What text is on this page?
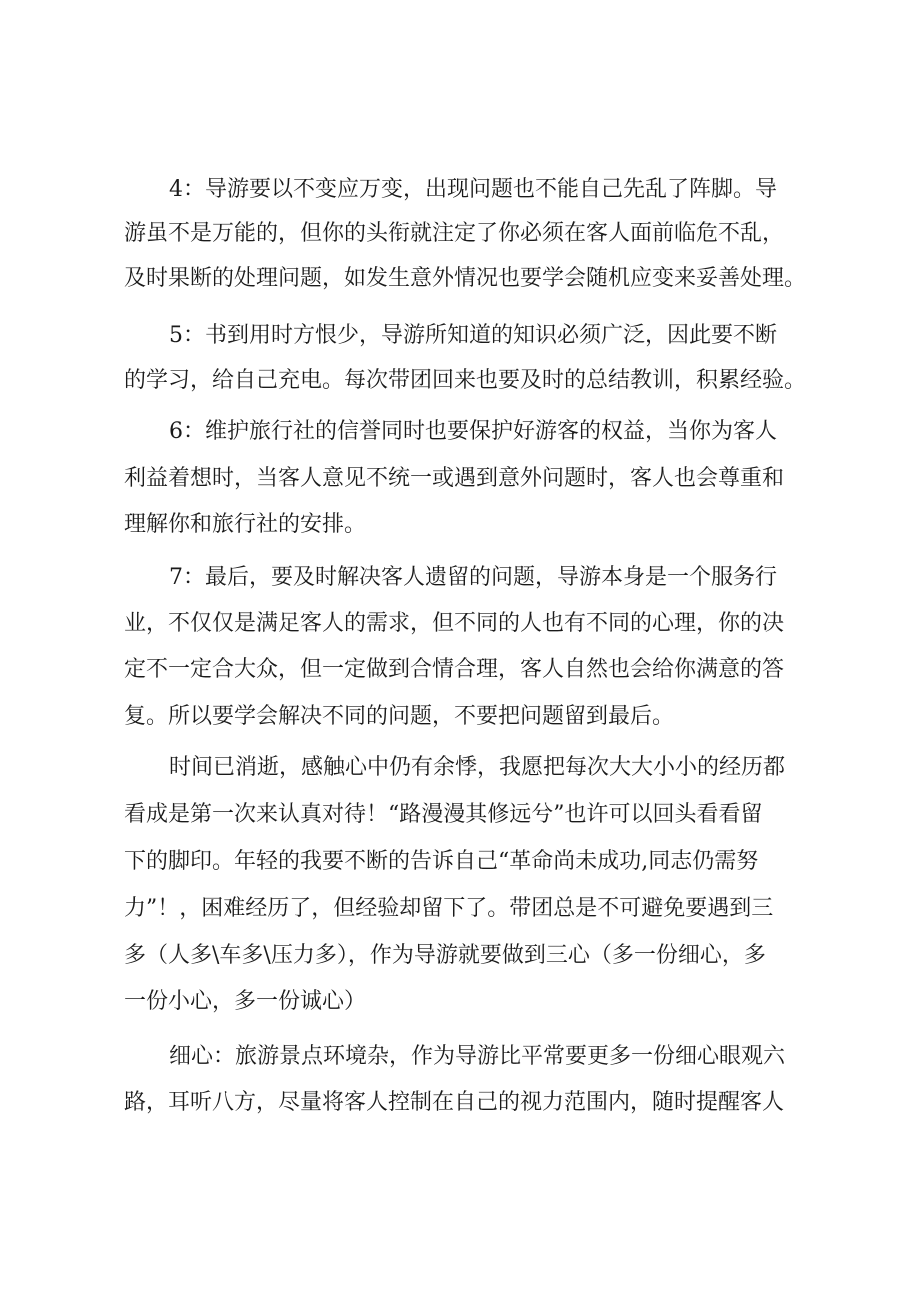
4：导游要以不变应万变，出现问题也不能自己先乱了阵脚。导
游虽不是万能的，但你的头衔就注定了你必须在客人面前临危不乱，
及时果断的处理问题，如发生意外情况也要学会随机应变来妥善处理。
5：书到用时方恨少，导游所知道的知识必须广泛，因此要不断
的学习，给自己充电。每次带团回来也要及时的总结教训，积累经验。
6：维护旅行社的信誉同时也要保护好游客的权益，当你为客人
利益着想时，当客人意见不统一或遇到意外问题时，客人也会尊重和
理解你和旅行社的安排。
7：最后，要及时解决客人遗留的问题，导游本身是一个服务行
业，不仅仅是满足客人的需求，但不同的人也有不同的心理，你的决
定不一定合大众，但一定做到合情合理，客人自然也会给你满意的答
复。所以要学会解决不同的问题，不要把问题留到最后。
时间已消逝，感触心中仍有余悸，我愿把每次大大小小的经历都
看成是第一次来认真对待！“路漫漫其修远兮”也许可以回头看看留
下的脚印。年轻的我要不断的告诉自己“革命尚未成功,同志仍需努
力”！，困难经历了，但经验却留下了。带团总是不可避免要遇到三
多（人多\车多\压力多），作为导游就要做到三心（多一份细心，多
一份小心，多一份诚心）
细心：旅游景点环境杂，作为导游比平常要更多一份细心眼观六
路，耳听八方，尽量将客人控制在自己的视力范围内，随时提醒客人
